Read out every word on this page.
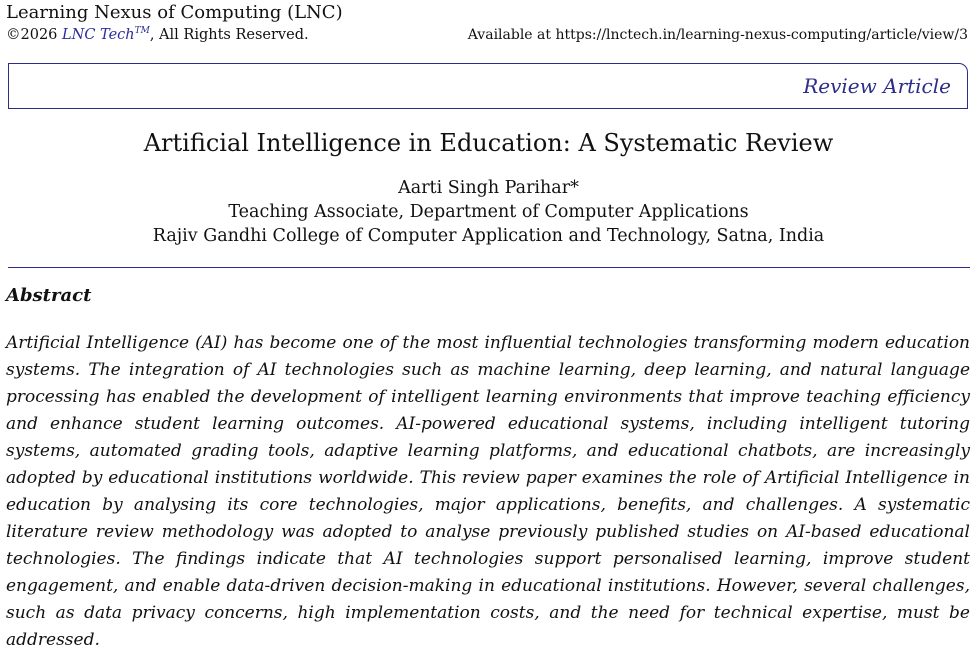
Learning Nexus of Computing (LNC)
©2026 LNC Tech™, All Rights Reserved.	Available at https://lnctech.in/learning-nexus-computing/article/view/3
Review Article
Artificial Intelligence in Education: A Systematic Review
Aarti Singh Parihar*
Teaching Associate, Department of Computer Applications
Rajiv Gandhi College of Computer Application and Technology, Satna, India
Abstract

Artificial Intelligence (AI) has become one of the most influential technologies transforming modern education systems. The integration of AI technologies such as machine learning, deep learning, and natural language processing has enabled the development of intelligent learning environments that improve teaching efficiency and enhance student learning outcomes. AI-powered educational systems, including intelligent tutoring systems, automated grading tools, adaptive learning platforms, and educational chatbots, are increasingly adopted by educational institutions worldwide. This review paper examines the role of Artificial Intelligence in education by analysing its core technologies, major applications, benefits, and challenges. A systematic literature review methodology was adopted to analyse previously published studies on AI-based educational technologies. The findings indicate that AI technologies support personalised learning, improve student engagement, and enable data-driven decision-making in educational institutions. However, several challenges, such as data privacy concerns, high implementation costs, and the need for technical expertise, must be addressed.
